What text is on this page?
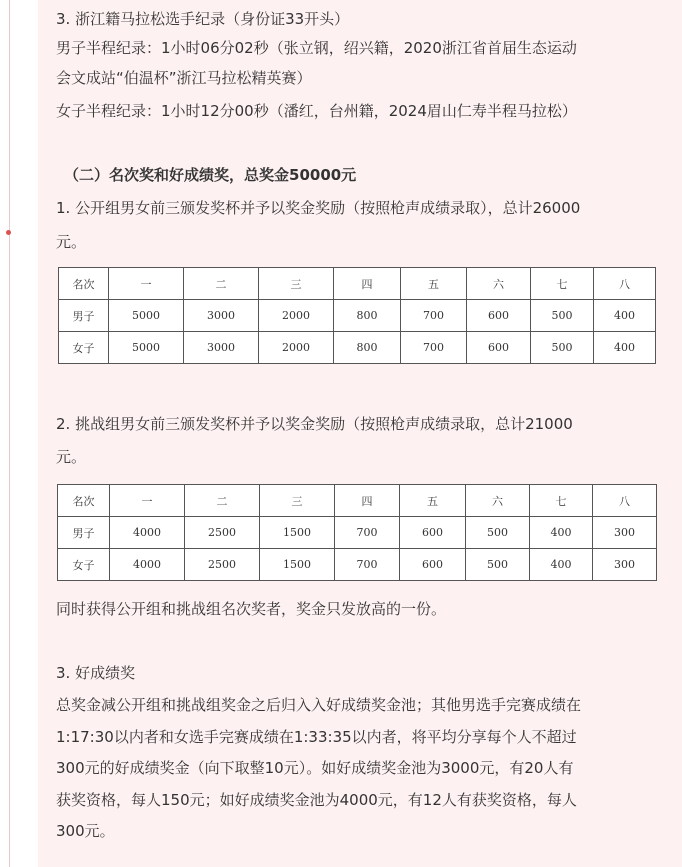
3. 浙江籍马拉松选手纪录（身份证33开头）

男子半程纪录：1小时06分02秒（张立钢，绍兴籍，2020浙江省首届生态运动

会文成站“伯温杯”浙江马拉松精英赛）

女子半程纪录：1小时12分00秒（潘红，台州籍，2024眉山仁寿半程马拉松）

（二）名次奖和好成绩奖，总奖金50000元

1. 公开组男女前三颁发奖杯并予以奖金奖励（按照枪声成绩录取），总计26000

元。

名次	一	二	三	四	五	六	七	八
男子	5000	3000	2000	800	700	600	500	400
女子	5000	3000	2000	800	700	600	500	400

2. 挑战组男女前三颁发奖杯并予以奖金奖励（按照枪声成绩录取，总计21000

元。

名次	一	二	三	四	五	六	七	八
男子	4000	2500	1500	700	600	500	400	300
女子	4000	2500	1500	700	600	500	400	300

同时获得公开组和挑战组名次奖者，奖金只发放高的一份。

3. 好成绩奖

总奖金减公开组和挑战组奖金之后归入入好成绩奖金池；其他男选手完赛成绩在

1:17:30以内者和女选手完赛成绩在1:33:35以内者，将平均分享每个人不超过

300元的好成绩奖金（向下取整10元）。如好成绩奖金池为3000元，有20人有

获奖资格，每人150元；如好成绩奖金池为4000元，有12人有获奖资格，每人

300元。
